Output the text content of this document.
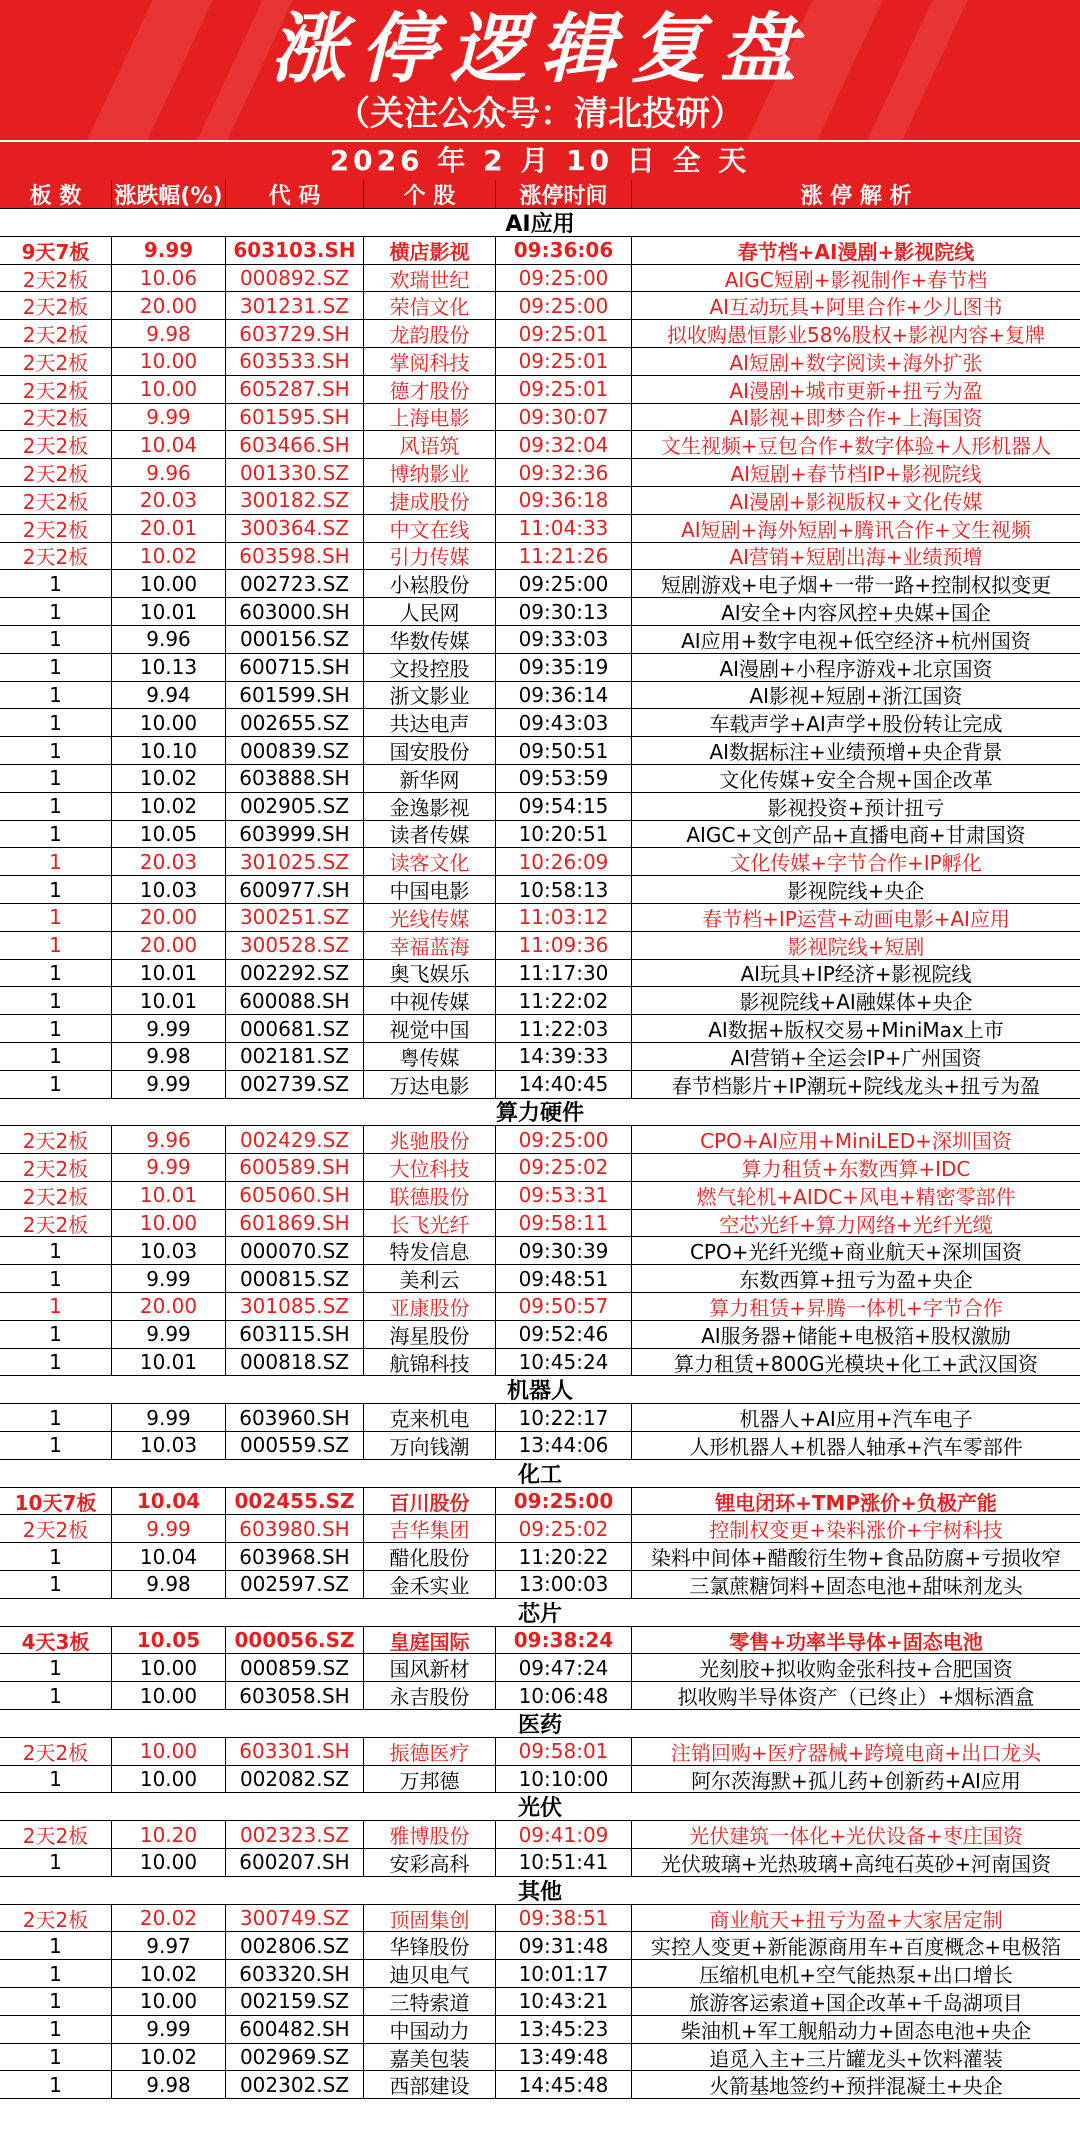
涨停逻辑复盘
（关注公众号：清北投研）
2026 年 2 月 10 日 全 天
板 数	涨跌幅(%)	代 码	个 股	涨停时间	涨 停 解 析
AI应用
9天7板	9.99	603103.SH	横店影视	09:36:06	春节档+AI漫剧+影视院线
2天2板	10.06	000892.SZ	欢瑞世纪	09:25:00	AIGC短剧+影视制作+春节档
2天2板	20.00	301231.SZ	荣信文化	09:25:00	AI互动玩具+阿里合作+少儿图书
2天2板	9.98	603729.SH	龙韵股份	09:25:01	拟收购愚恒影业58%股权+影视内容+复牌
2天2板	10.00	603533.SH	掌阅科技	09:25:01	AI短剧+数字阅读+海外扩张
2天2板	10.00	605287.SH	德才股份	09:25:01	AI漫剧+城市更新+扭亏为盈
2天2板	9.99	601595.SH	上海电影	09:30:07	AI影视+即梦合作+上海国资
2天2板	10.04	603466.SH	风语筑	09:32:04	文生视频+豆包合作+数字体验+人形机器人
2天2板	9.96	001330.SZ	博纳影业	09:32:36	AI短剧+春节档IP+影视院线
2天2板	20.03	300182.SZ	捷成股份	09:36:18	AI漫剧+影视版权+文化传媒
2天2板	20.01	300364.SZ	中文在线	11:04:33	AI短剧+海外短剧+腾讯合作+文生视频
2天2板	10.02	603598.SH	引力传媒	11:21:26	AI营销+短剧出海+业绩预增
1	10.00	002723.SZ	小崧股份	09:25:00	短剧游戏+电子烟+一带一路+控制权拟变更
1	10.01	603000.SH	人民网	09:30:13	AI安全+内容风控+央媒+国企
1	9.96	000156.SZ	华数传媒	09:33:03	AI应用+数字电视+低空经济+杭州国资
1	10.13	600715.SH	文投控股	09:35:19	AI漫剧+小程序游戏+北京国资
1	9.94	601599.SH	浙文影业	09:36:14	AI影视+短剧+浙江国资
1	10.00	002655.SZ	共达电声	09:43:03	车载声学+AI声学+股份转让完成
1	10.10	000839.SZ	国安股份	09:50:51	AI数据标注+业绩预增+央企背景
1	10.02	603888.SH	新华网	09:53:59	文化传媒+安全合规+国企改革
1	10.02	002905.SZ	金逸影视	09:54:15	影视投资+预计扭亏
1	10.05	603999.SH	读者传媒	10:20:51	AIGC+文创产品+直播电商+甘肃国资
1	20.03	301025.SZ	读客文化	10:26:09	文化传媒+字节合作+IP孵化
1	10.03	600977.SH	中国电影	10:58:13	影视院线+央企
1	20.00	300251.SZ	光线传媒	11:03:12	春节档+IP运营+动画电影+AI应用
1	20.00	300528.SZ	幸福蓝海	11:09:36	影视院线+短剧
1	10.01	002292.SZ	奥飞娱乐	11:17:30	AI玩具+IP经济+影视院线
1	10.01	600088.SH	中视传媒	11:22:02	影视院线+AI融媒体+央企
1	9.99	000681.SZ	视觉中国	11:22:03	AI数据+版权交易+MiniMax上市
1	9.98	002181.SZ	粤传媒	14:39:33	AI营销+全运会IP+广州国资
1	9.99	002739.SZ	万达电影	14:40:45	春节档影片+IP潮玩+院线龙头+扭亏为盈
算力硬件
2天2板	9.96	002429.SZ	兆驰股份	09:25:00	CPO+AI应用+MiniLED+深圳国资
2天2板	9.99	600589.SH	大位科技	09:25:02	算力租赁+东数西算+IDC
2天2板	10.01	605060.SH	联德股份	09:53:31	燃气轮机+AIDC+风电+精密零部件
2天2板	10.00	601869.SH	长飞光纤	09:58:11	空芯光纤+算力网络+光纤光缆
1	10.03	000070.SZ	特发信息	09:30:39	CPO+光纤光缆+商业航天+深圳国资
1	9.99	000815.SZ	美利云	09:48:51	东数西算+扭亏为盈+央企
1	20.00	301085.SZ	亚康股份	09:50:57	算力租赁+昇腾一体机+字节合作
1	9.99	603115.SH	海星股份	09:52:46	AI服务器+储能+电极箔+股权激励
1	10.01	000818.SZ	航锦科技	10:45:24	算力租赁+800G光模块+化工+武汉国资
机器人
1	9.99	603960.SH	克来机电	10:22:17	机器人+AI应用+汽车电子
1	10.03	000559.SZ	万向钱潮	13:44:06	人形机器人+机器人轴承+汽车零部件
化工
10天7板	10.04	002455.SZ	百川股份	09:25:00	锂电闭环+TMP涨价+负极产能
2天2板	9.99	603980.SH	吉华集团	09:25:02	控制权变更+染料涨价+宇树科技
1	10.04	603968.SH	醋化股份	11:20:22	染料中间体+醋酸衍生物+食品防腐+亏损收窄
1	9.98	002597.SZ	金禾实业	13:00:03	三氯蔗糖饲料+固态电池+甜味剂龙头
芯片
4天3板	10.05	000056.SZ	皇庭国际	09:38:24	零售+功率半导体+固态电池
1	10.00	000859.SZ	国风新材	09:47:24	光刻胶+拟收购金张科技+合肥国资
1	10.00	603058.SH	永吉股份	10:06:48	拟收购半导体资产（已终止）+烟标酒盒
医药
2天2板	10.00	603301.SH	振德医疗	09:58:01	注销回购+医疗器械+跨境电商+出口龙头
1	10.00	002082.SZ	万邦德	10:10:00	阿尔茨海默+孤儿药+创新药+AI应用
光伏
2天2板	10.20	002323.SZ	雅博股份	09:41:09	光伏建筑一体化+光伏设备+枣庄国资
1	10.00	600207.SH	安彩高科	10:51:41	光伏玻璃+光热玻璃+高纯石英砂+河南国资
其他
2天2板	20.02	300749.SZ	顶固集创	09:38:51	商业航天+扭亏为盈+大家居定制
1	9.97	002806.SZ	华锋股份	09:31:48	实控人变更+新能源商用车+百度概念+电极箔
1	10.02	603320.SH	迪贝电气	10:01:17	压缩机电机+空气能热泵+出口增长
1	10.00	002159.SZ	三特索道	10:43:21	旅游客运索道+国企改革+千岛湖项目
1	9.99	600482.SH	中国动力	13:45:23	柴油机+军工舰船动力+固态电池+央企
1	10.02	002969.SZ	嘉美包装	13:49:48	追觅入主+三片罐龙头+饮料灌装
1	9.98	002302.SZ	西部建设	14:45:48	火箭基地签约+预拌混凝土+央企
